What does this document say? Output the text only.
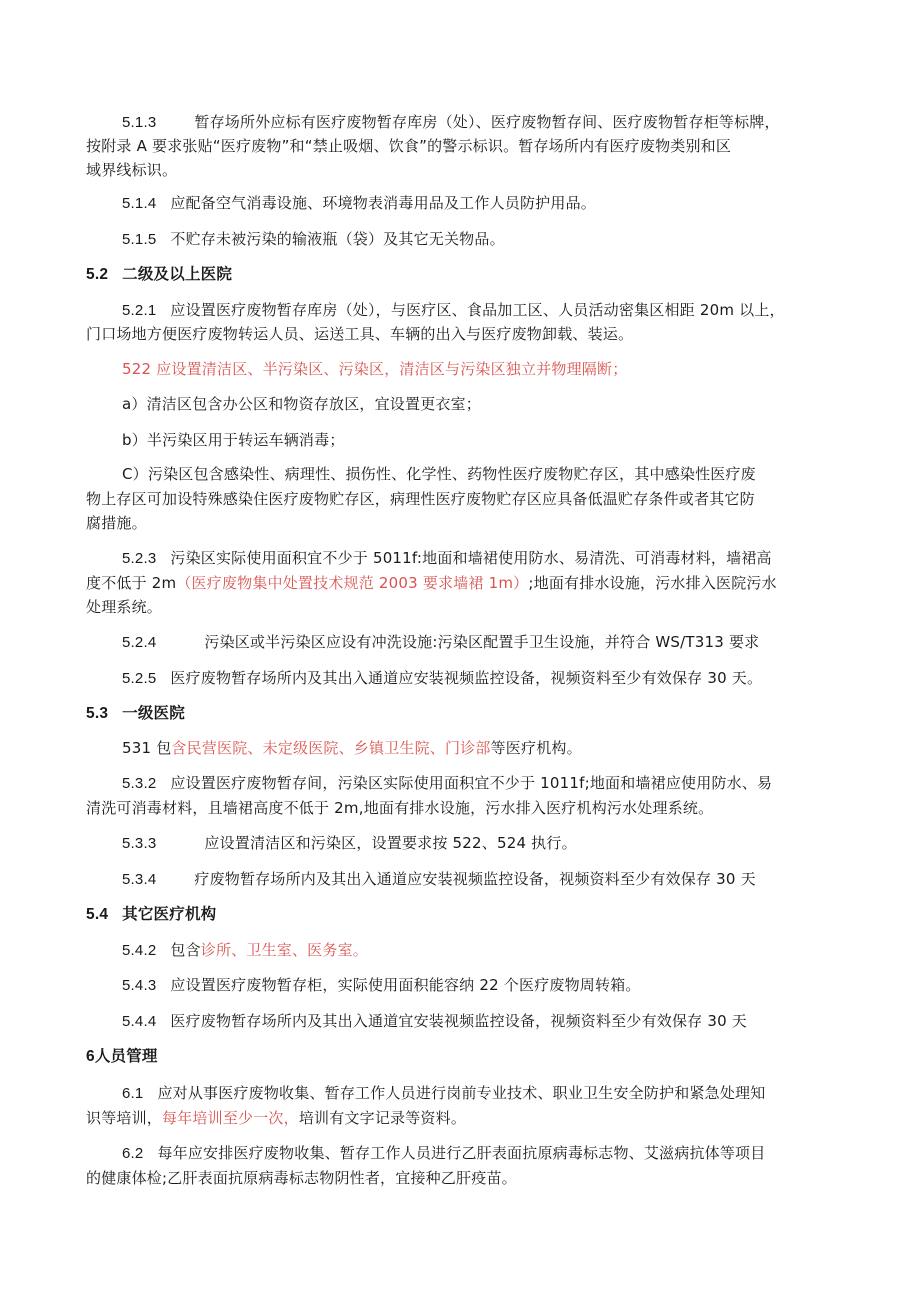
5.1.3	暂存场所外应标有医疗废物暂存库房（处）、医疗废物暂存间、医疗废物暂存柜等标牌，
按附录 A 要求张贴“医疗废物”和“禁止吸烟、饮食”的警示标识。暂存场所内有医疗废物类别和区
域界线标识。
5.1.4 应配备空气消毒设施、环境物表消毒用品及工作人员防护用品。
5.1.5 不贮存未被污染的输液瓶（袋）及其它无关物品。
5.2 二级及以上医院
5.2.1 应设置医疗废物暂存库房（处），与医疗区、食品加工区、人员活动密集区相距 20m 以上，
门口场地方便医疗废物转运人员、运送工具、车辆的出入与医疗废物卸载、装运。
522 应设置清洁区、半污染区、污染区，清洁区与污染区独立并物理隔断；
a）清洁区包含办公区和物资存放区，宜设置更衣室；
b）半污染区用于转运车辆消毒；
C）污染区包含感染性、病理性、损伤性、化学性、药物性医疗废物贮存区，其中感染性医疗废
物上存区可加设特殊感染住医疗废物贮存区，病理性医疗废物贮存区应具备低温贮存条件或者其它防
腐措施。
5.2.3 污染区实际使用面积宜不少于 5011f:地面和墙裙使用防水、易清洗、可消毒材料，墙裙高
度不低于 2m（医疗废物集中处置技术规范 2003 要求墙裙 1m）;地面有排水设施，污水排入医院污水
处理系统。
5.2.4	污染区或半污染区应设有冲洗设施:污染区配置手卫生设施，并符合 WS/T313 要求
5.2.5 医疗废物暂存场所内及其出入通道应安装视频监控设备，视频资料至少有效保存 30 天。
5.3 一级医院
531 包含民营医院、未定级医院、乡镇卫生院、门诊部等医疗机构。
5.3.2 应设置医疗废物暂存间，污染区实际使用面积宜不少于 1011f;地面和墙裙应使用防水、易
清洗可消毒材料，且墙裙高度不低于 2m,地面有排水设施，污水排入医疗机构污水处理系统。
5.3.3	应设置清洁区和污染区，设置要求按 522、524 执行。
5.3.4	疗废物暂存场所内及其出入通道应安装视频监控设备，视频资料至少有效保存 30 天
5.4 其它医疗机构
5.4.2 包含诊所、卫生室、医务室。
5.4.3 应设置医疗废物暂存柜，实际使用面积能容纳 22 个医疗废物周转箱。
5.4.4 医疗废物暂存场所内及其出入通道宜安装视频监控设备，视频资料至少有效保存 30 天
6人员管理
6.1 应对从事医疗废物收集、暂存工作人员进行岗前专业技术、职业卫生安全防护和紧急处理知
识等培训，每年培训至少一次，培训有文字记录等资料。
6.2 每年应安排医疗废物收集、暂存工作人员进行乙肝表面抗原病毒标志物、艾滋病抗体等项目
的健康体检;乙肝表面抗原病毒标志物阴性者，宜接种乙肝疫苗。
